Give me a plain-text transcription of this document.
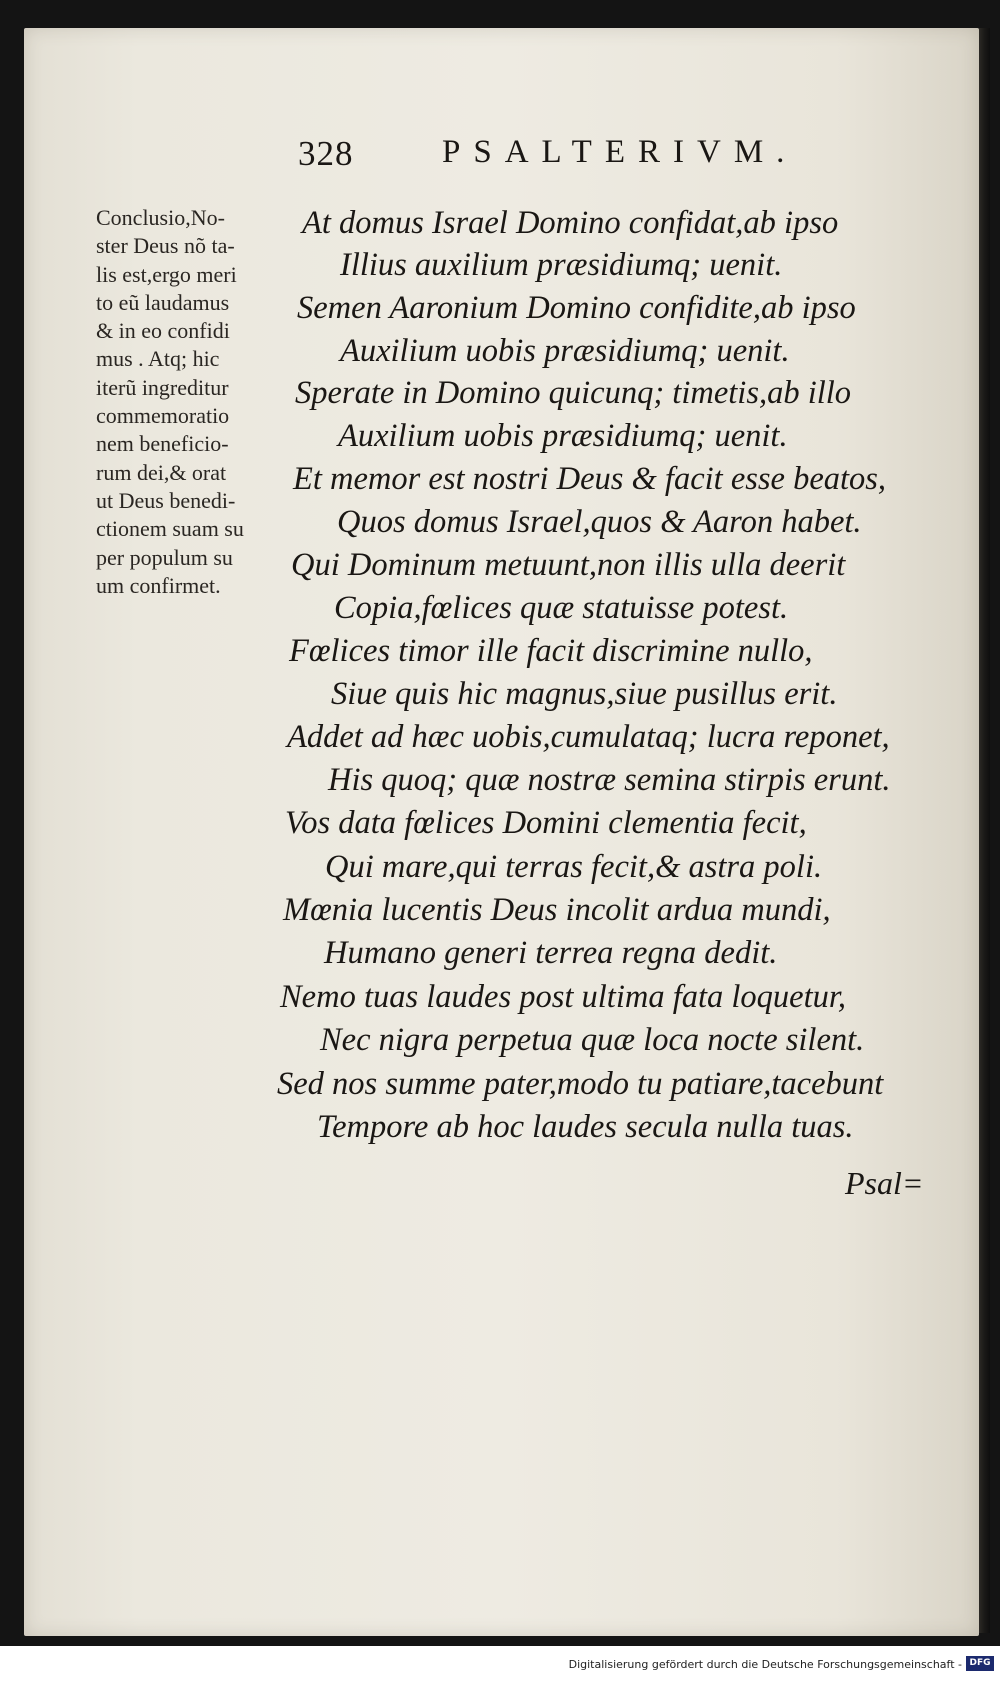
328	PSALTERIVM.
Conclusio,No-
ster Deus nõ ta-
lis est,ergo meri
to eũ laudamus
& in eo confidi
mus . Atq; hic
iterũ ingreditur
commemoratio
nem beneficio-
rum dei,& orat
ut Deus benedi-
ctionem suam su
per populum su
um confirmet.
At domus Israel Domino confidat,ab ipso
Illius auxilium præsidiumq; uenit.
Semen Aaronium Domino confidite,ab ipso
Auxilium uobis præsidiumq; uenit.
Sperate in Domino quicunq; timetis,ab illo
Auxilium uobis præsidiumq; uenit.
Et memor est nostri Deus & facit esse beatos,
Quos domus Israel,quos & Aaron habet.
Qui Dominum metuunt,non illis ulla deerit
Copia,fœlices quæ statuisse potest.
Fœlices timor ille facit discrimine nullo,
Siue quis hic magnus,siue pusillus erit.
Addet ad hæc uobis,cumulataq; lucra reponet,
His quoq; quæ nostræ semina stirpis erunt.
Vos data fœlices Domini clementia fecit,
Qui mare,qui terras fecit,& astra poli.
Mœnia lucentis Deus incolit ardua mundi,
Humano generi terrea regna dedit.
Nemo tuas laudes post ultima fata loquetur,
Nec nigra perpetua quæ loca nocte silent.
Sed nos summe pater,modo tu patiare,tacebunt
Tempore ab hoc laudes secula nulla tuas.
Psal=
Digitalisierung gefördert durch die Deutsche Forschungsgemeinschaft - DFG
